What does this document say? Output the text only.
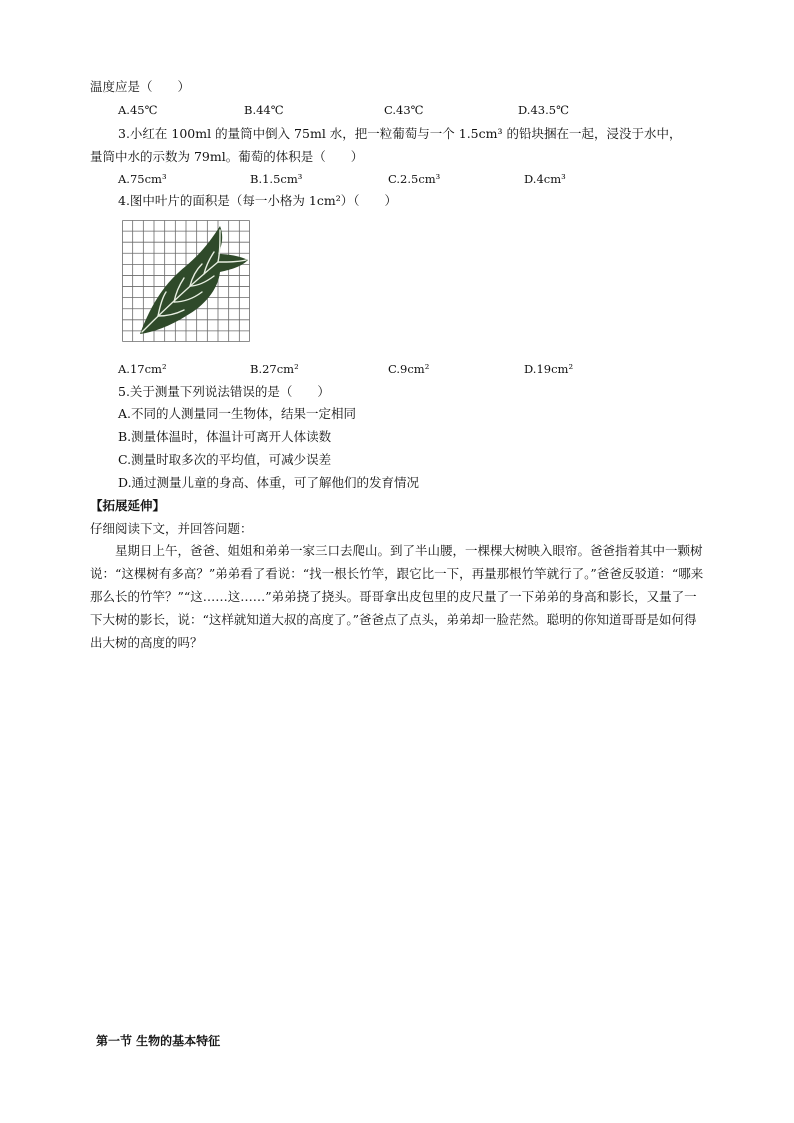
温度应是（　　）
A.45℃	B.44℃	C.43℃	D.43.5℃
3.小红在 100ml 的量筒中倒入 75ml 水，把一粒葡萄与一个 1.5cm³ 的铅块捆在一起，浸没于水中，
量筒中水的示数为 79ml。葡萄的体积是（　　）
A.75cm³	B.1.5cm³	C.2.5cm³	D.4cm³
4.图中叶片的面积是（每一小格为 1cm²）（　　）
A.17cm²	B.27cm²	C.9cm²	D.19cm²
5.关于测量下列说法错误的是（　　）
A.不同的人测量同一生物体，结果一定相同
B.测量体温时，体温计可离开人体读数
C.测量时取多次的平均值，可减少误差
D.通过测量儿童的身高、体重，可了解他们的发育情况
【拓展延伸】
仔细阅读下文，并回答问题：
　　星期日上午，爸爸、姐姐和弟弟一家三口去爬山。到了半山腰，一棵棵大树映入眼帘。爸爸指着其中一颗树说：“这棵树有多高？”弟弟看了看说：“找一根长竹竿，跟它比一下，再量那根竹竿就行了。”爸爸反驳道：“哪来那么长的竹竿？”“这……这……”弟弟挠了挠头。哥哥拿出皮包里的皮尺量了一下弟弟的身高和影长，又量了一下大树的影长，说：“这样就知道大叔的高度了。”爸爸点了点头，弟弟却一脸茫然。聪明的你知道哥哥是如何得出大树的高度的吗？
第一节 生物的基本特征
